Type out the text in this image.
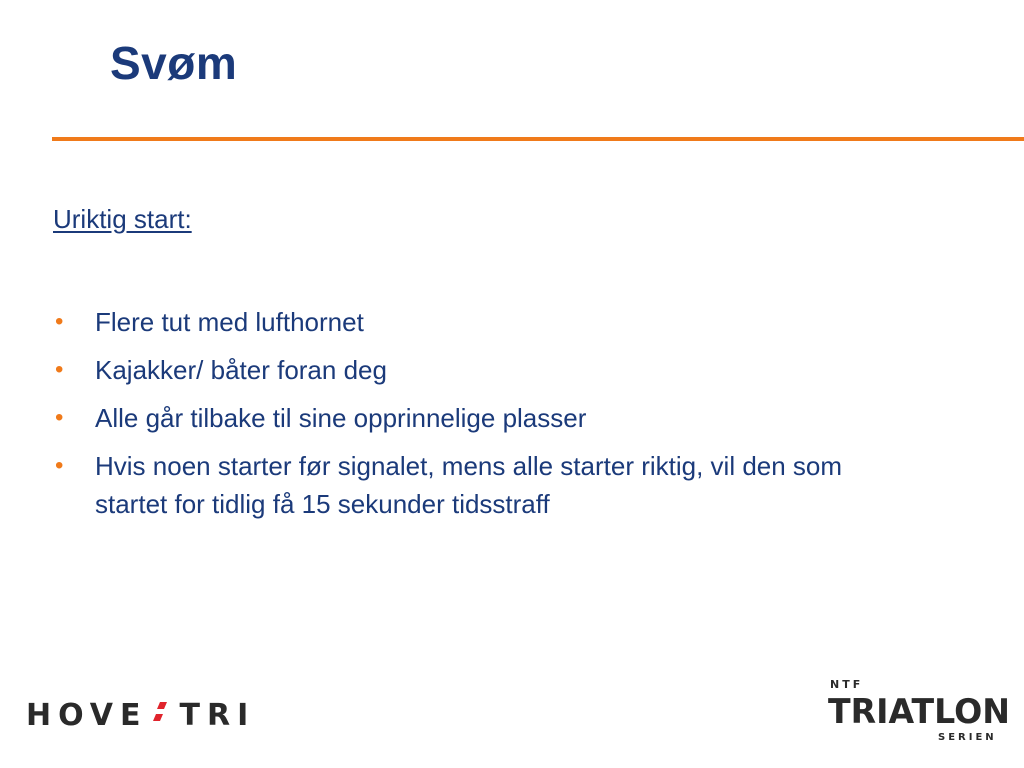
Svøm
Uriktig start:
• Flere tut med lufthornet
• Kajakker/ båter foran deg
• Alle går tilbake til sine opprinnelige plasser
• Hvis noen starter før signalet, mens alle starter riktig, vil den som startet for tidlig få 15 sekunder tidsstraff
HOVE TRI
NTF
TRIATLON
SERIEN
